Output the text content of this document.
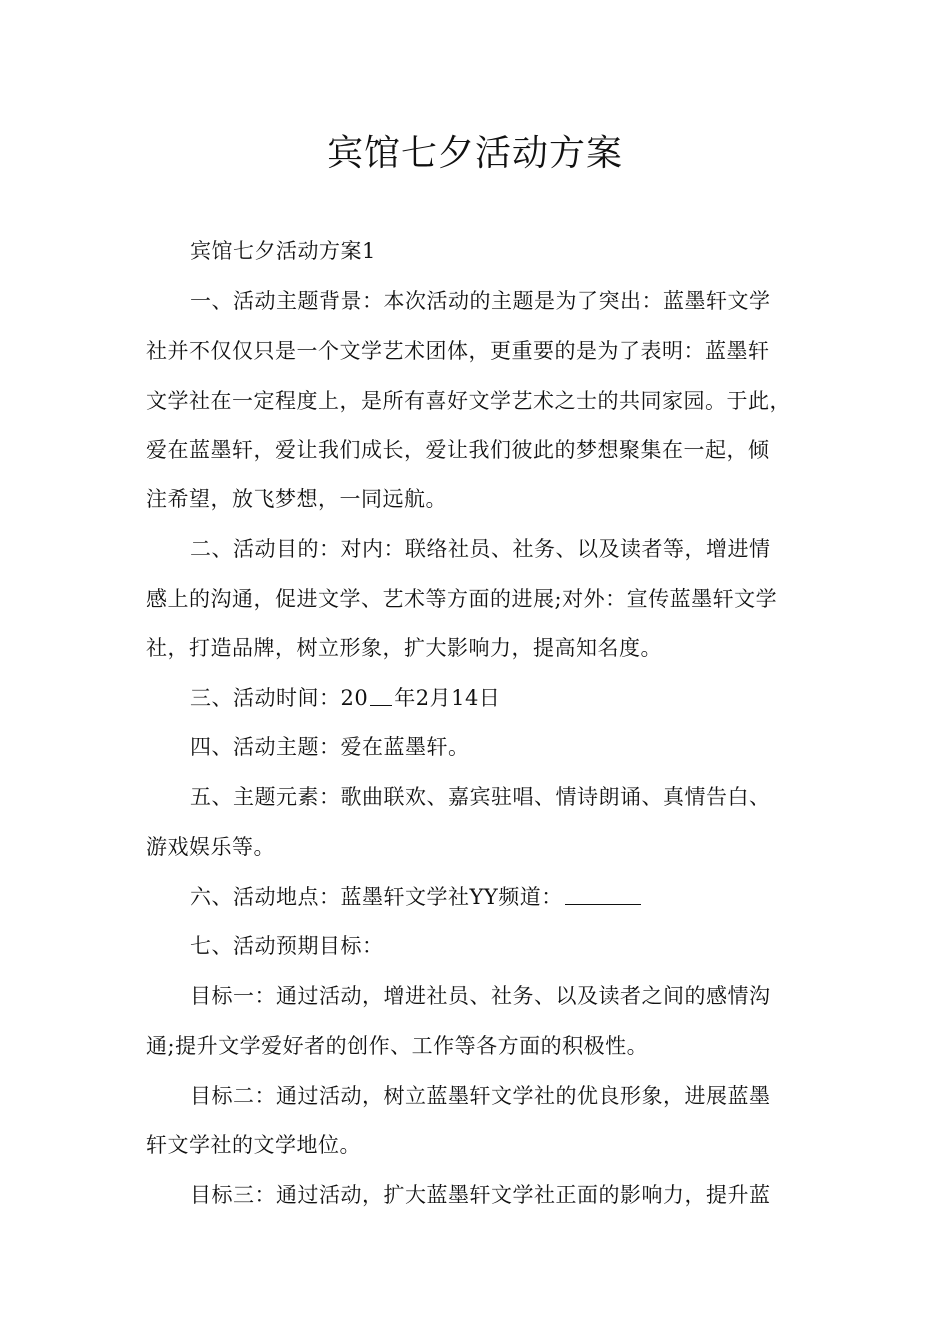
宾馆七夕活动方案
宾馆七夕活动方案1
一、活动主题背景：本次活动的主题是为了突出：蓝墨轩文学
社并不仅仅只是一个文学艺术团体，更重要的是为了表明：蓝墨轩
文学社在一定程度上，是所有喜好文学艺术之士的共同家园。于此，
爱在蓝墨轩，爱让我们成长，爱让我们彼此的梦想聚集在一起，倾
注希望，放飞梦想，一同远航。
二、活动目的：对内：联络社员、社务、以及读者等，增进情
感上的沟通，促进文学、艺术等方面的进展;对外：宣传蓝墨轩文学
社，打造品牌，树立形象，扩大影响力，提高知名度。
三、活动时间：20 年2月14日
四、活动主题：爱在蓝墨轩。
五、主题元素：歌曲联欢、嘉宾驻唱、情诗朗诵、真情告白、
游戏娱乐等。
六、活动地点：蓝墨轩文学社YY频道：
七、活动预期目标：
目标一：通过活动，增进社员、社务、以及读者之间的感情沟
通;提升文学爱好者的创作、工作等各方面的积极性。
目标二：通过活动，树立蓝墨轩文学社的优良形象，进展蓝墨
轩文学社的文学地位。
目标三：通过活动，扩大蓝墨轩文学社正面的影响力，提升蓝
